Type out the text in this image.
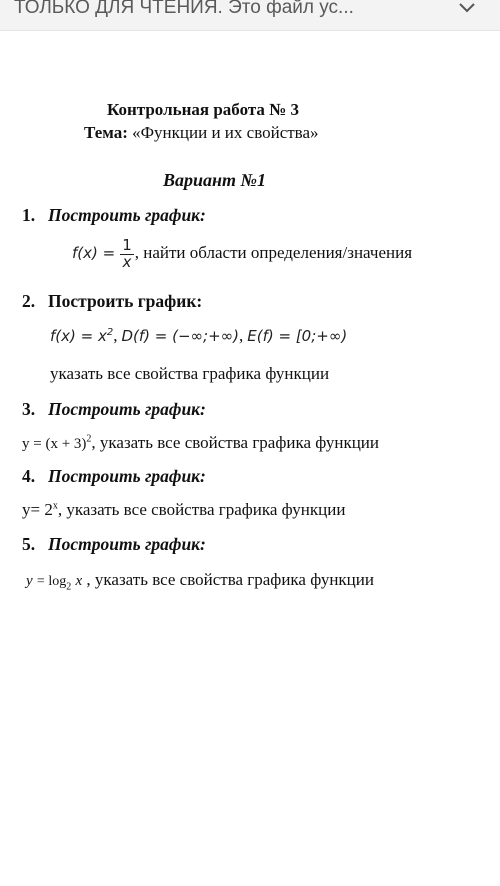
ТОЛЬКО ДЛЯ ЧТЕНИЯ. Это файл ус...
Контрольная работа № 3
Тема: «Функции и их свойства»
Вариант №1
1. Построить график:
$f(x) = \frac{1}{x}$ , найти области определения/значения
2. Построить график:
$f(x) = x^2$, D(f) = (−∞;+∞), E(f) = [0;+∞)
указать все свойства графика функции
3. Построить график:
$y = (x + 3)^2$, указать все свойства графика функции
4. Построить график:
$y= 2^x$, указать все свойства графика функции
5. Построить график:
$y = \log_2 x$ , указать все свойства графика функции
